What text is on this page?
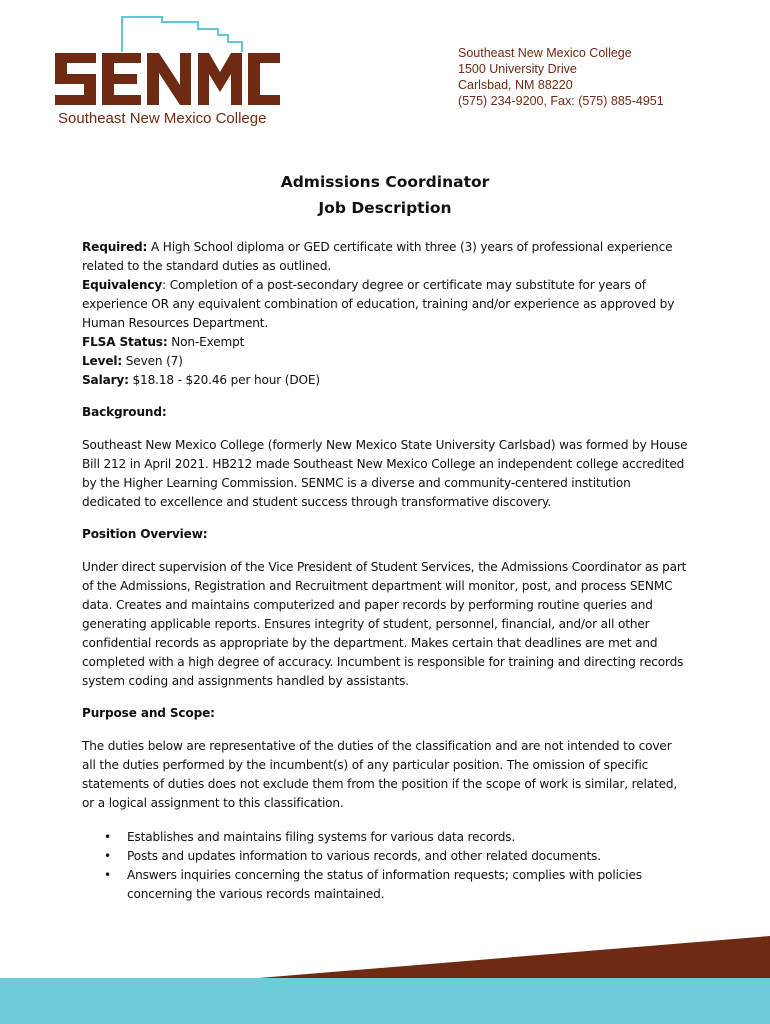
Southeast New Mexico College
Southeast New Mexico College
1500 University Drive
Carlsbad, NM 88220
(575) 234-9200, Fax: (575) 885-4951
Admissions Coordinator
Job Description

Required: A High School diploma or GED certificate with three (3) years of professional experience related to the standard duties as outlined.

Equivalency: Completion of a post-secondary degree or certificate may substitute for years of experience OR any equivalent combination of education, training and/or experience as approved by Human Resources Department.

FLSA Status: Non-Exempt

Level: Seven (7)

Salary: $18.18 - $20.46 per hour (DOE)

Background:

Southeast New Mexico College (formerly New Mexico State University Carlsbad) was formed by House Bill 212 in April 2021. HB212 made Southeast New Mexico College an independent college accredited by the Higher Learning Commission. SENMC is a diverse and community-centered institution dedicated to excellence and student success through transformative discovery.

Position Overview:

Under direct supervision of the Vice President of Student Services, the Admissions Coordinator as part of the Admissions, Registration and Recruitment department will monitor, post, and process SENMC data. Creates and maintains computerized and paper records by performing routine queries and generating applicable reports. Ensures integrity of student, personnel, financial, and/or all other confidential records as appropriate by the department. Makes certain that deadlines are met and completed with a high degree of accuracy. Incumbent is responsible for training and directing records system coding and assignments handled by assistants.

Purpose and Scope:

The duties below are representative of the duties of the classification and are not intended to cover all the duties performed by the incumbent(s) of any particular position. The omission of specific statements of duties does not exclude them from the position if the scope of work is similar, related, or a logical assignment to this classification.

• Establishes and maintains filing systems for various data records.
• Posts and updates information to various records, and other related documents.
• Answers inquiries concerning the status of information requests; complies with policies concerning the various records maintained.
